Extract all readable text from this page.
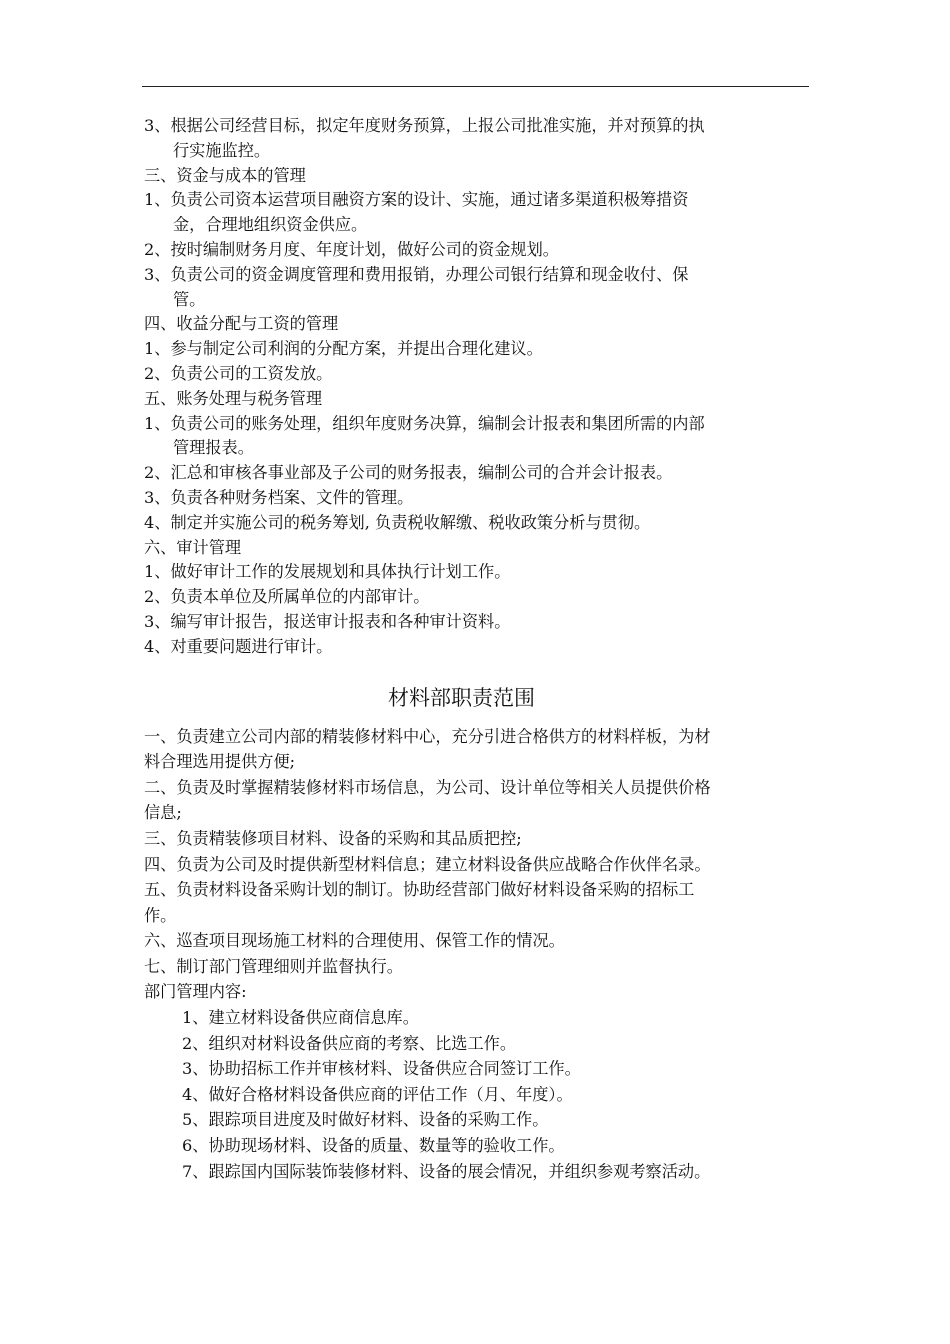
3、根据公司经营目标，拟定年度财务预算，上报公司批准实施，并对预算的执
行实施监控。
三、资金与成本的管理
1、负责公司资本运营项目融资方案的设计、实施，通过诸多渠道积极筹措资
金，合理地组织资金供应。
2、按时编制财务月度、年度计划，做好公司的资金规划。
3、负责公司的资金调度管理和费用报销，办理公司银行结算和现金收付、保
管。
四、收益分配与工资的管理
1、参与制定公司利润的分配方案，并提出合理化建议。
2、负责公司的工资发放。
五、账务处理与税务管理
1、负责公司的账务处理，组织年度财务决算，编制会计报表和集团所需的内部
管理报表。
2、汇总和审核各事业部及子公司的财务报表，编制公司的合并会计报表。
3、负责各种财务档案、文件的管理。
4、制定并实施公司的税务筹划, 负责税收解缴、税收政策分析与贯彻。
六、审计管理
1、做好审计工作的发展规划和具体执行计划工作。
2、负责本单位及所属单位的内部审计。
3、编写审计报告，报送审计报表和各种审计资料。
4、对重要问题进行审计。
材料部职责范围
一、负责建立公司内部的精装修材料中心，充分引进合格供方的材料样板，为材
料合理选用提供方便;
二、负责及时掌握精装修材料市场信息，为公司、设计单位等相关人员提供价格
信息;
三、负责精装修项目材料、设备的采购和其品质把控;
四、负责为公司及时提供新型材料信息；建立材料设备供应战略合作伙伴名录。
五、负责材料设备采购计划的制订。协助经营部门做好材料设备采购的招标工
作。
六、巡查项目现场施工材料的合理使用、保管工作的情况。
七、制订部门管理细则并监督执行。
部门管理内容:
1、建立材料设备供应商信息库。
2、组织对材料设备供应商的考察、比选工作。
3、协助招标工作并审核材料、设备供应合同签订工作。
4、做好合格材料设备供应商的评估工作（月、年度）。
5、跟踪项目进度及时做好材料、设备的采购工作。
6、协助现场材料、设备的质量、数量等的验收工作。
7、跟踪国内国际装饰装修材料、设备的展会情况，并组织参观考察活动。
